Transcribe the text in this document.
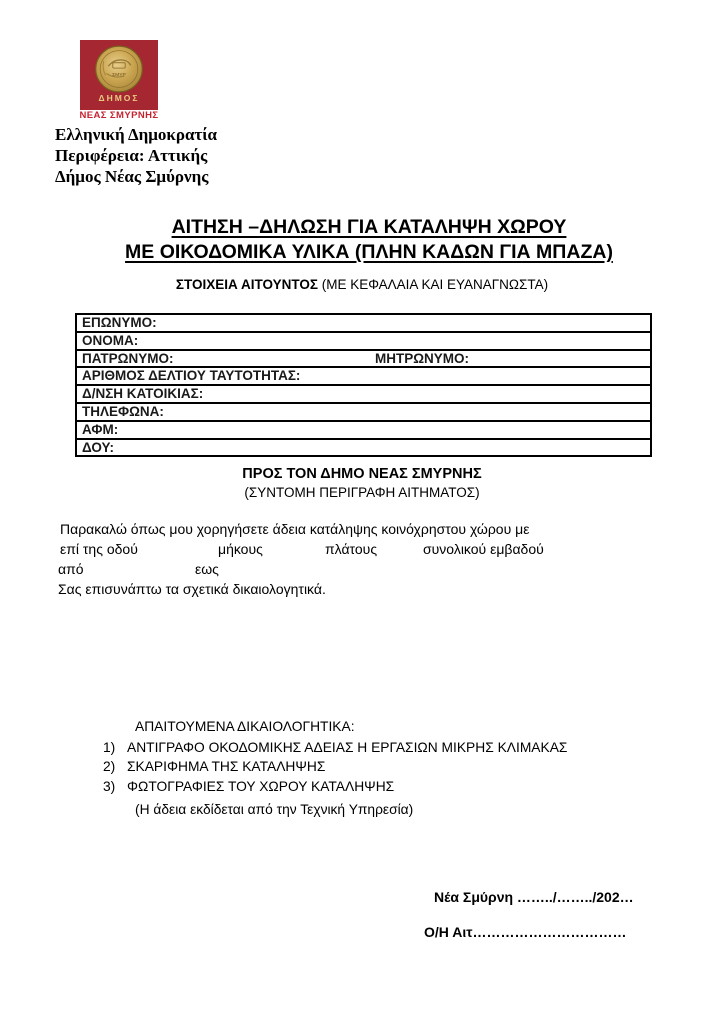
ΣΜΥΡ
ΔΗΜΟΣ
ΝΕΑΣ ΣΜΥΡΝΗΣ
Ελληνική Δημοκρατία
Περιφέρεια: Αττικής
Δήμος Νέας Σμύρνης
ΑΙΤΗΣΗ –ΔΗΛΩΣΗ ΓΙΑ ΚΑΤΑΛΗΨΗ ΧΩΡΟΥ
ΜΕ ΟΙΚΟΔΟΜΙΚΑ ΥΛΙΚΑ (ΠΛΗΝ ΚΑΔΩΝ ΓΙΑ ΜΠΑΖΑ)
ΣΤΟΙΧΕΙΑ ΑΙΤΟΥΝΤΟΣ (ΜΕ ΚΕΦΑΛΑΙΑ ΚΑΙ ΕΥΑΝΑΓΝΩΣΤΑ)
ΕΠΩΝΥΜΟ:
ΟΝΟΜΑ:
ΠΑΤΡΩΝΥΜΟ:	ΜΗΤΡΩΝΥΜΟ:
ΑΡΙΘΜΟΣ ΔΕΛΤΙΟΥ ΤΑΥΤΟΤΗΤΑΣ:
Δ/ΝΣΗ ΚΑΤΟΙΚΙΑΣ:
ΤΗΛΕΦΩΝΑ:
ΑΦΜ:
ΔΟΥ:
ΠΡΟΣ ΤΟΝ ΔΗΜΟ ΝΕΑΣ ΣΜΥΡΝΗΣ
(ΣΥΝΤΟΜΗ ΠΕΡΙΓΡΑΦΗ ΑΙΤΗΜΑΤΟΣ)
Παρακαλώ όπως μου χορηγήσετε άδεια κατάληψης κοινόχρηστου χώρου με
επί της οδού	μήκους	πλάτους	συνολικού εμβαδού
από	εως
Σας επισυνάπτω τα σχετικά δικαιολογητικά.
ΑΠΑΙΤΟΥΜΕΝΑ ΔΙΚΑΙΟΛΟΓΗΤΙΚΑ:
1) ΑΝΤΙΓΡΑΦΟ ΟΚΟΔΟΜΙΚΗΣ ΑΔΕΙΑΣ Η ΕΡΓΑΣΙΩΝ ΜΙΚΡΗΣ ΚΛΙΜΑΚΑΣ
2) ΣΚΑΡΙΦΗΜΑ ΤΗΣ ΚΑΤΑΛΗΨΗΣ
3) ΦΩΤΟΓΡΑΦΙΕΣ ΤΟΥ ΧΩΡΟΥ ΚΑΤΑΛΗΨΗΣ
(Η άδεια εκδίδεται από την Τεχνική Υπηρεσία)
Νέα Σμύρνη ……../……../202…
Ο/Η Αιτ……………………………
